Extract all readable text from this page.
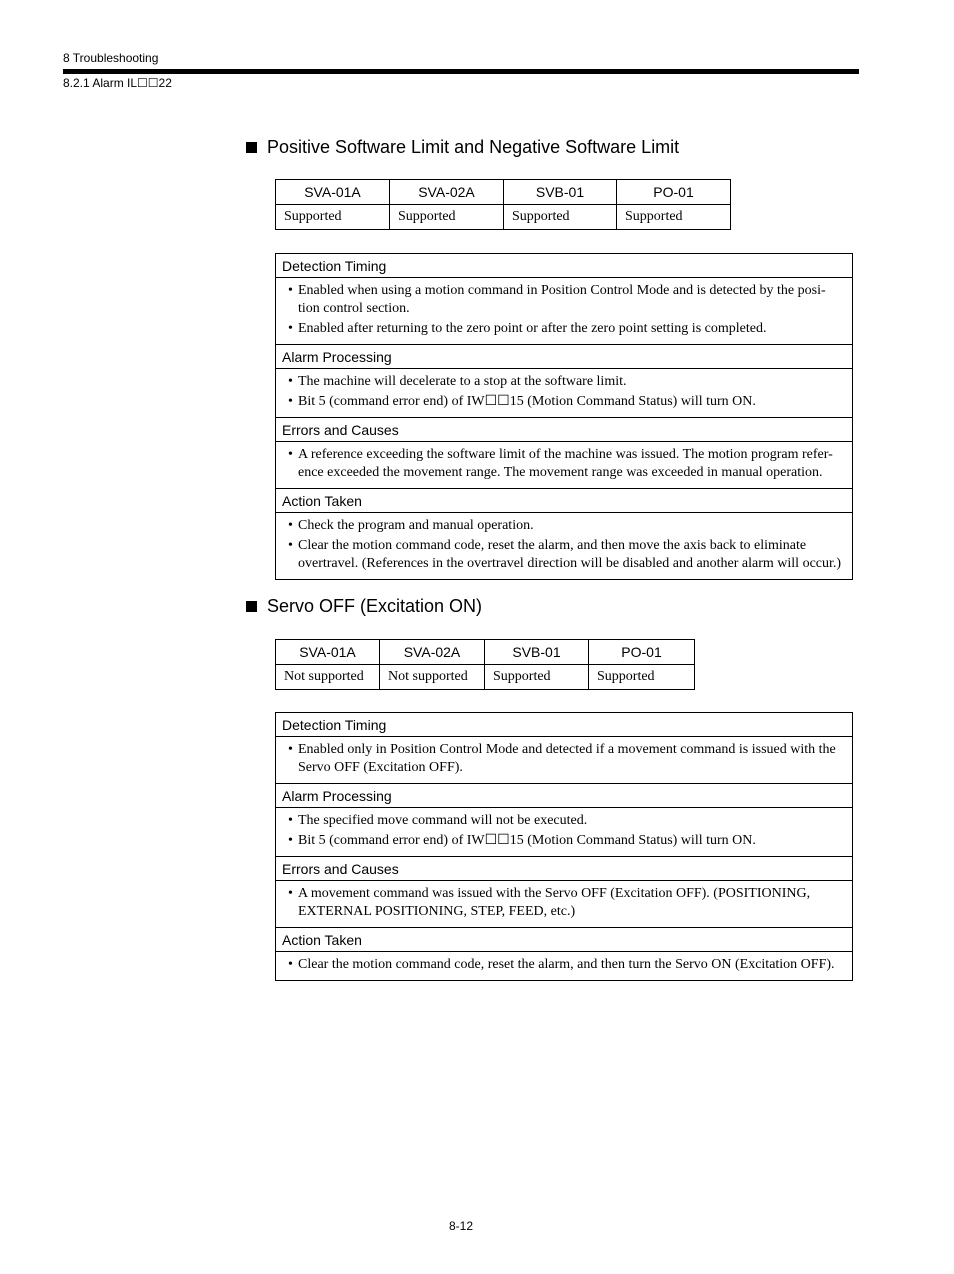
8 Troubleshooting
8.2.1 Alarm IL☐☐22
Positive Software Limit and Negative Software Limit
SVA-01A	SVA-02A	SVB-01	PO-01
Supported	Supported	Supported	Supported
Detection Timing
• Enabled when using a motion command in Position Control Mode and is detected by the posi-tion control section.
• Enabled after returning to the zero point or after the zero point setting is completed.
Alarm Processing
• The machine will decelerate to a stop at the software limit.
• Bit 5 (command error end) of IW☐☐15 (Motion Command Status) will turn ON.
Errors and Causes
• A reference exceeding the software limit of the machine was issued. The motion program refer-ence exceeded the movement range. The movement range was exceeded in manual operation.
Action Taken
• Check the program and manual operation.
• Clear the motion command code, reset the alarm, and then move the axis back to eliminate overtravel. (References in the overtravel direction will be disabled and another alarm will occur.)
Servo OFF (Excitation ON)
SVA-01A	SVA-02A	SVB-01	PO-01
Not supported	Not supported	Supported	Supported
Detection Timing
• Enabled only in Position Control Mode and detected if a movement command is issued with the Servo OFF (Excitation OFF).
Alarm Processing
• The specified move command will not be executed.
• Bit 5 (command error end) of IW☐☐15 (Motion Command Status) will turn ON.
Errors and Causes
• A movement command was issued with the Servo OFF (Excitation OFF). (POSITIONING, EXTERNAL POSITIONING, STEP, FEED, etc.)
Action Taken
• Clear the motion command code, reset the alarm, and then turn the Servo ON (Excitation OFF).
8-12
